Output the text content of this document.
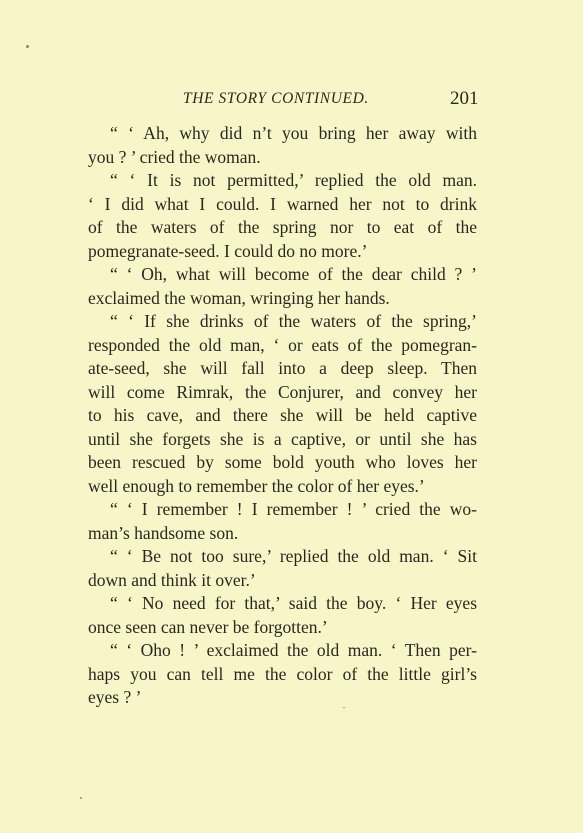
THE STORY CONTINUED.	201

“ ‘ Ah, why did n’t you bring her away with
you ? ’ cried the woman.

“ ‘ It is not permitted,’ replied the old man.
‘ I did what I could. I warned her not to drink
of the waters of the spring nor to eat of the
pomegranate-seed. I could do no more.’

“ ‘ Oh, what will become of the dear child ? ’
exclaimed the woman, wringing her hands.

“ ‘ If she drinks of the waters of the spring,’
responded the old man, ‘ or eats of the pomegran-
ate-seed, she will fall into a deep sleep. Then
will come Rimrak, the Conjurer, and convey her
to his cave, and there she will be held captive
until she forgets she is a captive, or until she has
been rescued by some bold youth who loves her
well enough to remember the color of her eyes.’

“ ‘ I remember ! I remember ! ’ cried the wo-
man’s handsome son.

“ ‘ Be not too sure,’ replied the old man. ‘ Sit
down and think it over.’

“ ‘ No need for that,’ said the boy. ‘ Her eyes
once seen can never be forgotten.’

“ ‘ Oho ! ’ exclaimed the old man. ‘ Then per-
haps you can tell me the color of the little girl’s
eyes ? ’
